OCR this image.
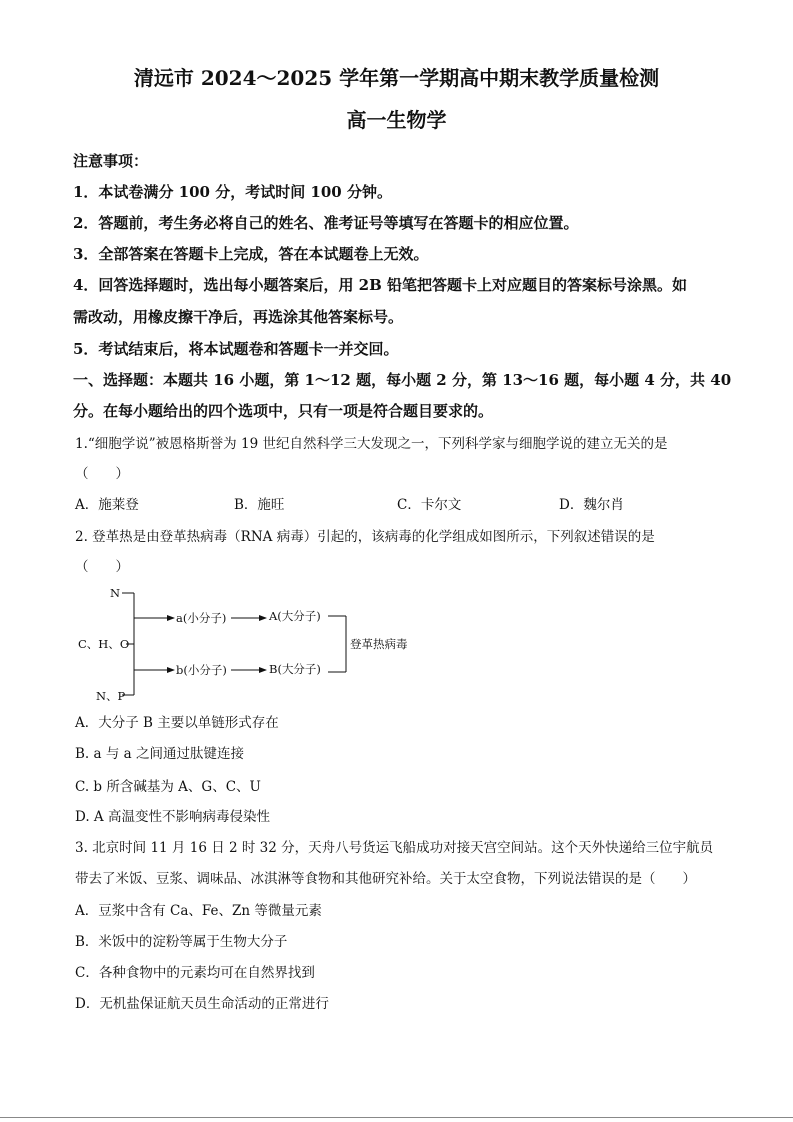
清远市 2024～2025 学年第一学期高中期末教学质量检测
高一生物学
注意事项：
1．本试卷满分 100 分，考试时间 100 分钟。
2．答题前，考生务必将自己的姓名、准考证号等填写在答题卡的相应位置。
3．全部答案在答题卡上完成，答在本试题卷上无效。
4．回答选择题时，选出每小题答案后，用 2B 铅笔把答题卡上对应题目的答案标号涂黑。如
需改动，用橡皮擦干净后，再选涂其他答案标号。
5．考试结束后，将本试题卷和答题卡一并交回。
一、选择题：本题共 16 小题，第 1～12 题，每小题 2 分，第 13～16 题，每小题 4 分，共 40
分。在每小题给出的四个选项中，只有一项是符合题目要求的。
1.“细胞学说”被恩格斯誉为 19 世纪自然科学三大发现之一，下列科学家与细胞学说的建立无关的是
（　　）
A．施莱登	B．施旺	C．卡尔文	D．魏尔肖
2. 登革热是由登革热病毒（RNA 病毒）引起的，该病毒的化学组成如图所示，下列叙述错误的是
（　　）
N
C、H、O
N、P
a(小分子)	A(大分子)
b(小分子)	B(大分子)
登革热病毒
A．大分子 B 主要以单链形式存在
B. a 与 a 之间通过肽键连接
C. b 所含碱基为 A、G、C、U
D. A 高温变性不影响病毒侵染性
3. 北京时间 11 月 16 日 2 时 32 分，天舟八号货运飞船成功对接天宫空间站。这个天外快递给三位宇航员
带去了米饭、豆浆、调味品、冰淇淋等食物和其他研究补给。关于太空食物，下列说法错误的是（　　）
A．豆浆中含有 Ca、Fe、Zn 等微量元素
B．米饭中的淀粉等属于生物大分子
C．各种食物中的元素均可在自然界找到
D．无机盐保证航天员生命活动的正常进行
